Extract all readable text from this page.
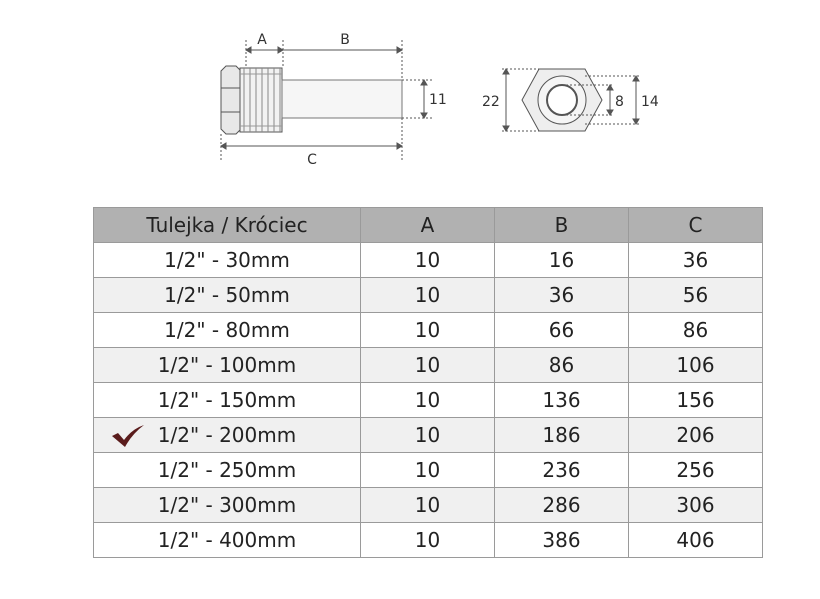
A	B
C
11	22	8 14
Tulejka / Króciec	A	B	C
1/2" - 30mm	10	16	36
1/2" - 50mm	10	36	56
1/2" - 80mm	10	66	86
1/2" - 100mm	10	86	106
1/2" - 150mm	10	136	156

1/2" - 200mm	10	186	206
1/2" - 250mm	10	236	256
1/2" - 300mm	10	286	306
1/2" - 400mm	10	386	406
